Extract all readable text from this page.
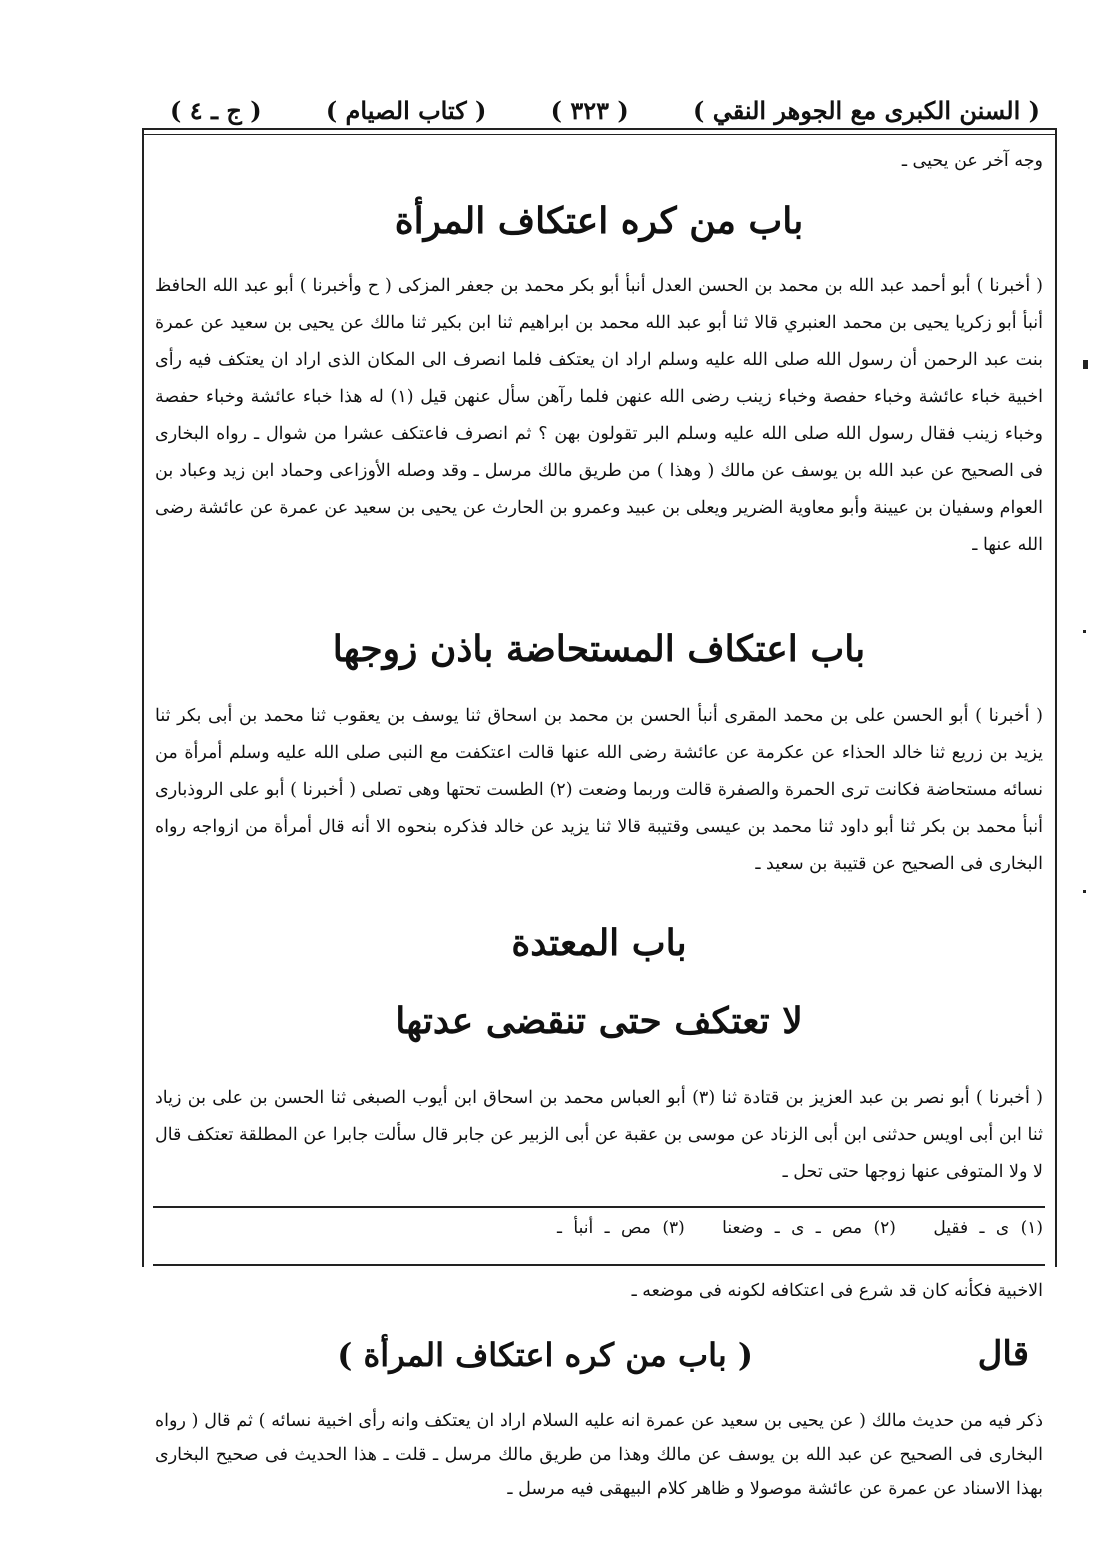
( السنن الكبرى مع الجوهر النقي )
( ٣٢٣ )
( كتاب الصيام )
( ج ـ ٤ )

وجه آخر عن يحيى ـ

باب من كره اعتكاف المرأة

( أخبرنا ) أبو أحمد عبد الله بن محمد بن الحسن العدل أنبأ أبو بكر محمد بن جعفر المزكى ( ح وأخبرنا ) أبو عبد الله الحافظ أنبأ أبو زكريا يحيى بن محمد العنبري قالا ثنا أبو عبد الله محمد بن ابراهيم ثنا ابن بكير ثنا مالك عن يحيى بن سعيد عن عمرة بنت عبد الرحمن أن رسول الله صلى الله عليه وسلم اراد ان يعتكف فلما انصرف الى المكان الذى اراد ان يعتكف فيه رأى اخبية خباء عائشة وخباء حفصة وخباء زينب رضى الله عنهن فلما رآهن سأل عنهن قيل (١) له هذا خباء عائشة وخباء حفصة وخباء زينب فقال رسول الله صلى الله عليه وسلم البر تقولون بهن ؟ ثم انصرف فاعتكف عشرا من شوال ـ رواه البخارى فى الصحيح عن عبد الله بن يوسف عن مالك ( وهذا ) من طريق مالك مرسل ـ وقد وصله الأوزاعى وحماد ابن زيد وعباد بن العوام وسفيان بن عيينة وأبو معاوية الضرير ويعلى بن عبيد وعمرو بن الحارث عن يحيى بن سعيد عن عمرة عن عائشة رضى الله عنها ـ

باب اعتكاف المستحاضة باذن زوجها

( أخبرنا ) أبو الحسن على بن محمد المقرى أنبأ الحسن بن محمد بن اسحاق ثنا يوسف بن يعقوب ثنا محمد بن أبى بكر ثنا يزيد بن زريع ثنا خالد الحذاء عن عكرمة عن عائشة رضى الله عنها قالت اعتكفت مع النبى صلى الله عليه وسلم أمرأة من نسائه مستحاضة فكانت ترى الحمرة والصفرة قالت وربما وضعت (٢) الطست تحتها وهى تصلى ( أخبرنا ) أبو على الروذبارى أنبأ محمد بن بكر ثنا أبو داود ثنا محمد بن عيسى وقتيبة قالا ثنا يزيد عن خالد فذكره بنحوه الا أنه قال أمرأة من ازواجه رواه البخارى فى الصحيح عن قتيبة بن سعيد ـ

باب المعتدة
لا تعتكف حتى تنقضى عدتها

( أخبرنا ) أبو نصر بن عبد العزيز بن قتادة ثنا (٣) أبو العباس محمد بن اسحاق ابن أيوب الصبغى ثنا الحسن بن على بن زياد ثنا ابن أبى اويس حدثنى ابن أبى الزناد عن موسى بن عقبة عن أبى الزبير عن جابر قال سألت جابرا عن المطلقة تعتكف قال لا ولا المتوفى عنها زوجها حتى تحل ـ

(١) ى ـ فقيل (٢) مص ـ ى ـ وضعنا (٣) مص ـ أنبأ ـ

الاخبية فكأنه كان قد شرع فى اعتكافه لكونه فى موضعه ـ

قال
( باب من كره اعتكاف المرأة )

ذكر فيه من حديث مالك ( عن يحيى بن سعيد عن عمرة انه عليه السلام اراد ان يعتكف وانه رأى اخبية نسائه ) ثم قال ( رواه البخارى فى الصحيح عن عبد الله بن يوسف عن مالك وهذا من طريق مالك مرسل ـ قلت ـ هذا الحديث فى صحيح البخارى بهذا الاسناد عن عمرة عن عائشة موصولا و ظاهر كلام البيهقى فيه مرسل ـ
